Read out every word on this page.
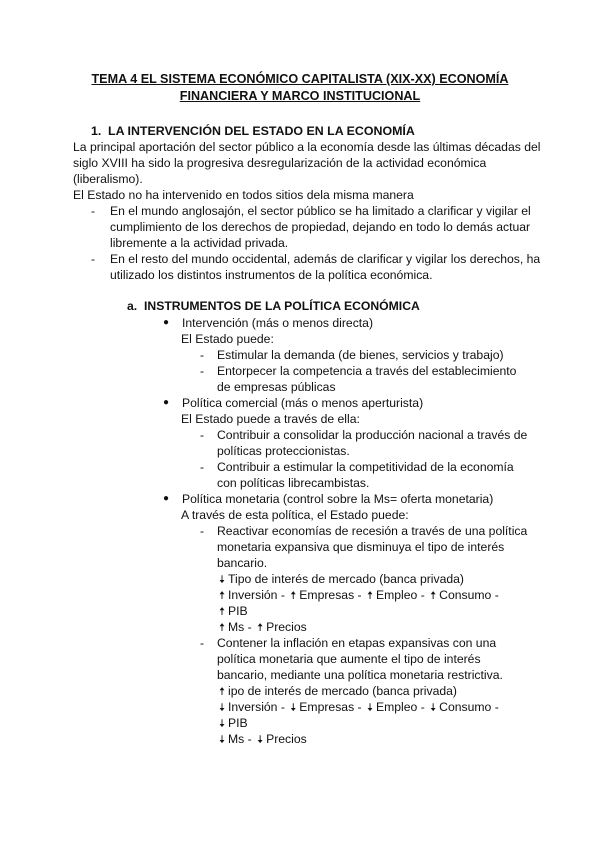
TEMA 4 EL SISTEMA ECONÓMICO CAPITALISTA (XIX-XX) ECONOMÍA FINANCIERA Y MARCO INSTITUCIONAL
1. LA INTERVENCIÓN DEL ESTADO EN LA ECONOMÍA
La principal aportación del sector público a la economía desde las últimas décadas del siglo XVIII ha sido la progresiva desregularización de la actividad económica (liberalismo).
El Estado no ha intervenido en todos sitios dela misma manera
- En el mundo anglosajón, el sector público se ha limitado a clarificar y vigilar el cumplimiento de los derechos de propiedad, dejando en todo lo demás actuar libremente a la actividad privada.
- En el resto del mundo occidental, además de clarificar y vigilar los derechos, ha utilizado los distintos instrumentos de la política económica.
a. INSTRUMENTOS DE LA POLÍTICA ECONÓMICA
● Intervención (más o menos directa)
El Estado puede:
- Estimular la demanda (de bienes, servicios y trabajo)
- Entorpecer la competencia a través del establecimiento de empresas públicas
● Política comercial (más o menos aperturista)
El Estado puede a través de ella:
- Contribuir a consolidar la producción nacional a través de políticas proteccionistas.
- Contribuir a estimular la competitividad de la economía con políticas librecambistas.
● Política monetaria (control sobre la Ms= oferta monetaria)
A través de esta política, el Estado puede:
- Reactivar economías de recesión a través de una política monetaria expansiva que disminuya el tipo de interés bancario.
🠇 Tipo de interés de mercado (banca privada)
🠅 Inversión - 🠅 Empresas - 🠅 Empleo - 🠅 Consumo -
🠅 PIB
🠅 Ms - 🠅 Precios
- Contener la inflación en etapas expansivas con una política monetaria que aumente el tipo de interés bancario, mediante una política monetaria restrictiva.
🠅 ipo de interés de mercado (banca privada)
🠇 Inversión - 🠇 Empresas - 🠇 Empleo - 🠇 Consumo -
🠇 PIB
🠇 Ms - 🠇 Precios
